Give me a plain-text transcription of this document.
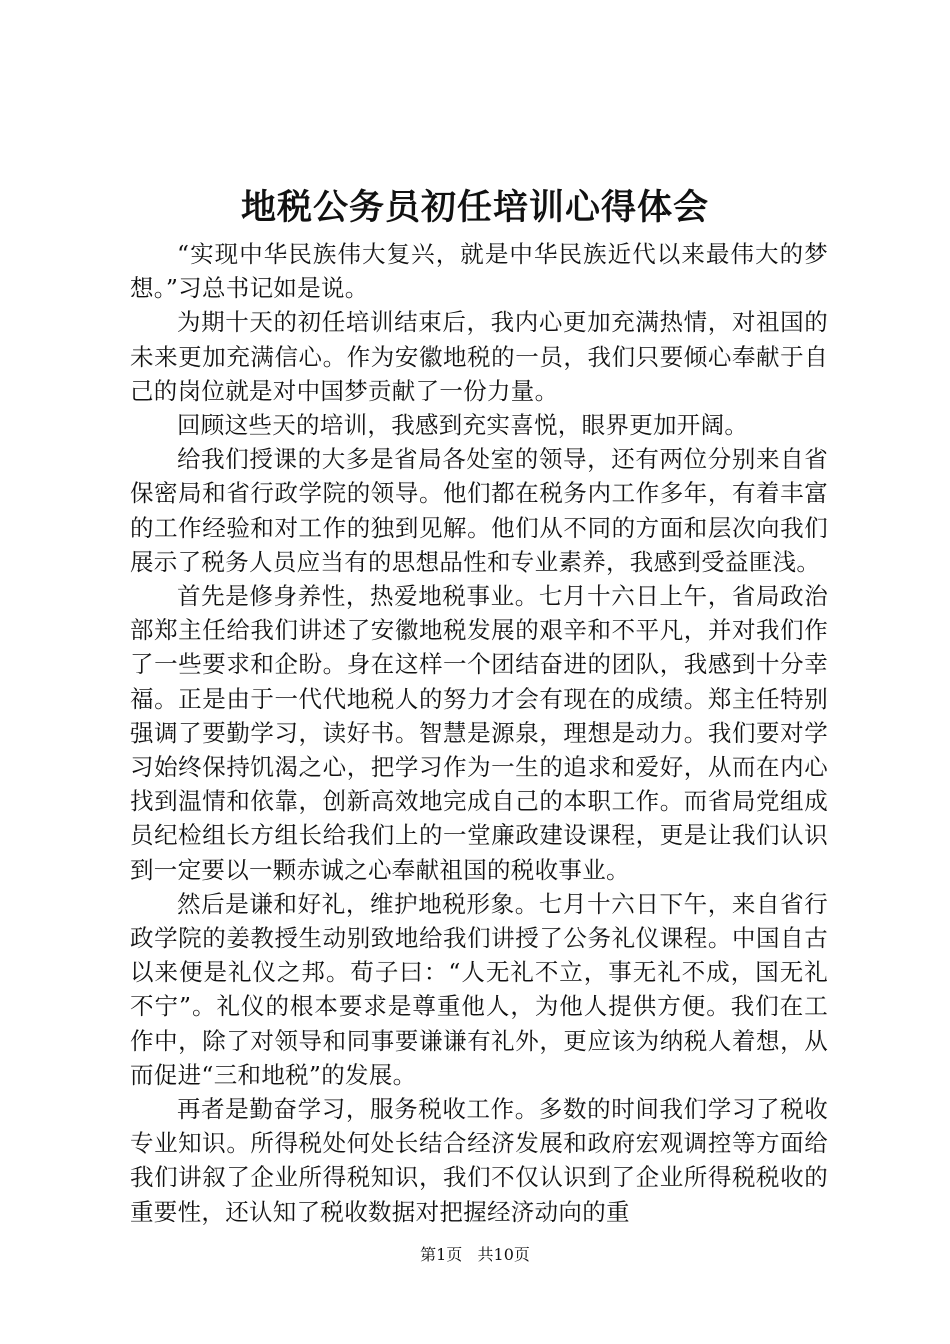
地税公务员初任培训心得体会

“实现中华民族伟大复兴，就是中华民族近代以来最伟大的梦想。”习总书记如是说。

为期十天的初任培训结束后，我内心更加充满热情，对祖国的未来更加充满信心。作为安徽地税的一员，我们只要倾心奉献于自己的岗位就是对中国梦贡献了一份力量。

回顾这些天的培训，我感到充实喜悦，眼界更加开阔。

给我们授课的大多是省局各处室的领导，还有两位分别来自省保密局和省行政学院的领导。他们都在税务内工作多年，有着丰富的工作经验和对工作的独到见解。他们从不同的方面和层次向我们展示了税务人员应当有的思想品性和专业素养，我感到受益匪浅。

首先是修身养性，热爱地税事业。七月十六日上午，省局政治部郑主任给我们讲述了安徽地税发展的艰辛和不平凡，并对我们作了一些要求和企盼。身在这样一个团结奋进的团队，我感到十分幸福。正是由于一代代地税人的努力才会有现在的成绩。郑主任特别强调了要勤学习，读好书。智慧是源泉，理想是动力。我们要对学习始终保持饥渴之心，把学习作为一生的追求和爱好，从而在内心找到温情和依靠，创新高效地完成自己的本职工作。而省局党组成员纪检组长方组长给我们上的一堂廉政建设课程，更是让我们认识到一定要以一颗赤诚之心奉献祖国的税收事业。

然后是谦和好礼，维护地税形象。七月十六日下午，来自省行政学院的姜教授生动别致地给我们讲授了公务礼仪课程。中国自古以来便是礼仪之邦。荀子曰：“人无礼不立，事无礼不成，国无礼不宁”。礼仪的根本要求是尊重他人，为他人提供方便。我们在工作中，除了对领导和同事要谦谦有礼外，更应该为纳税人着想，从而促进“三和地税”的发展。

再者是勤奋学习，服务税收工作。多数的时间我们学习了税收专业知识。所得税处何处长结合经济发展和政府宏观调控等方面给我们讲叙了企业所得税知识，我们不仅认识到了企业所得税税收的重要性，还认知了税收数据对把握经济动向的重

第1页 共10页
